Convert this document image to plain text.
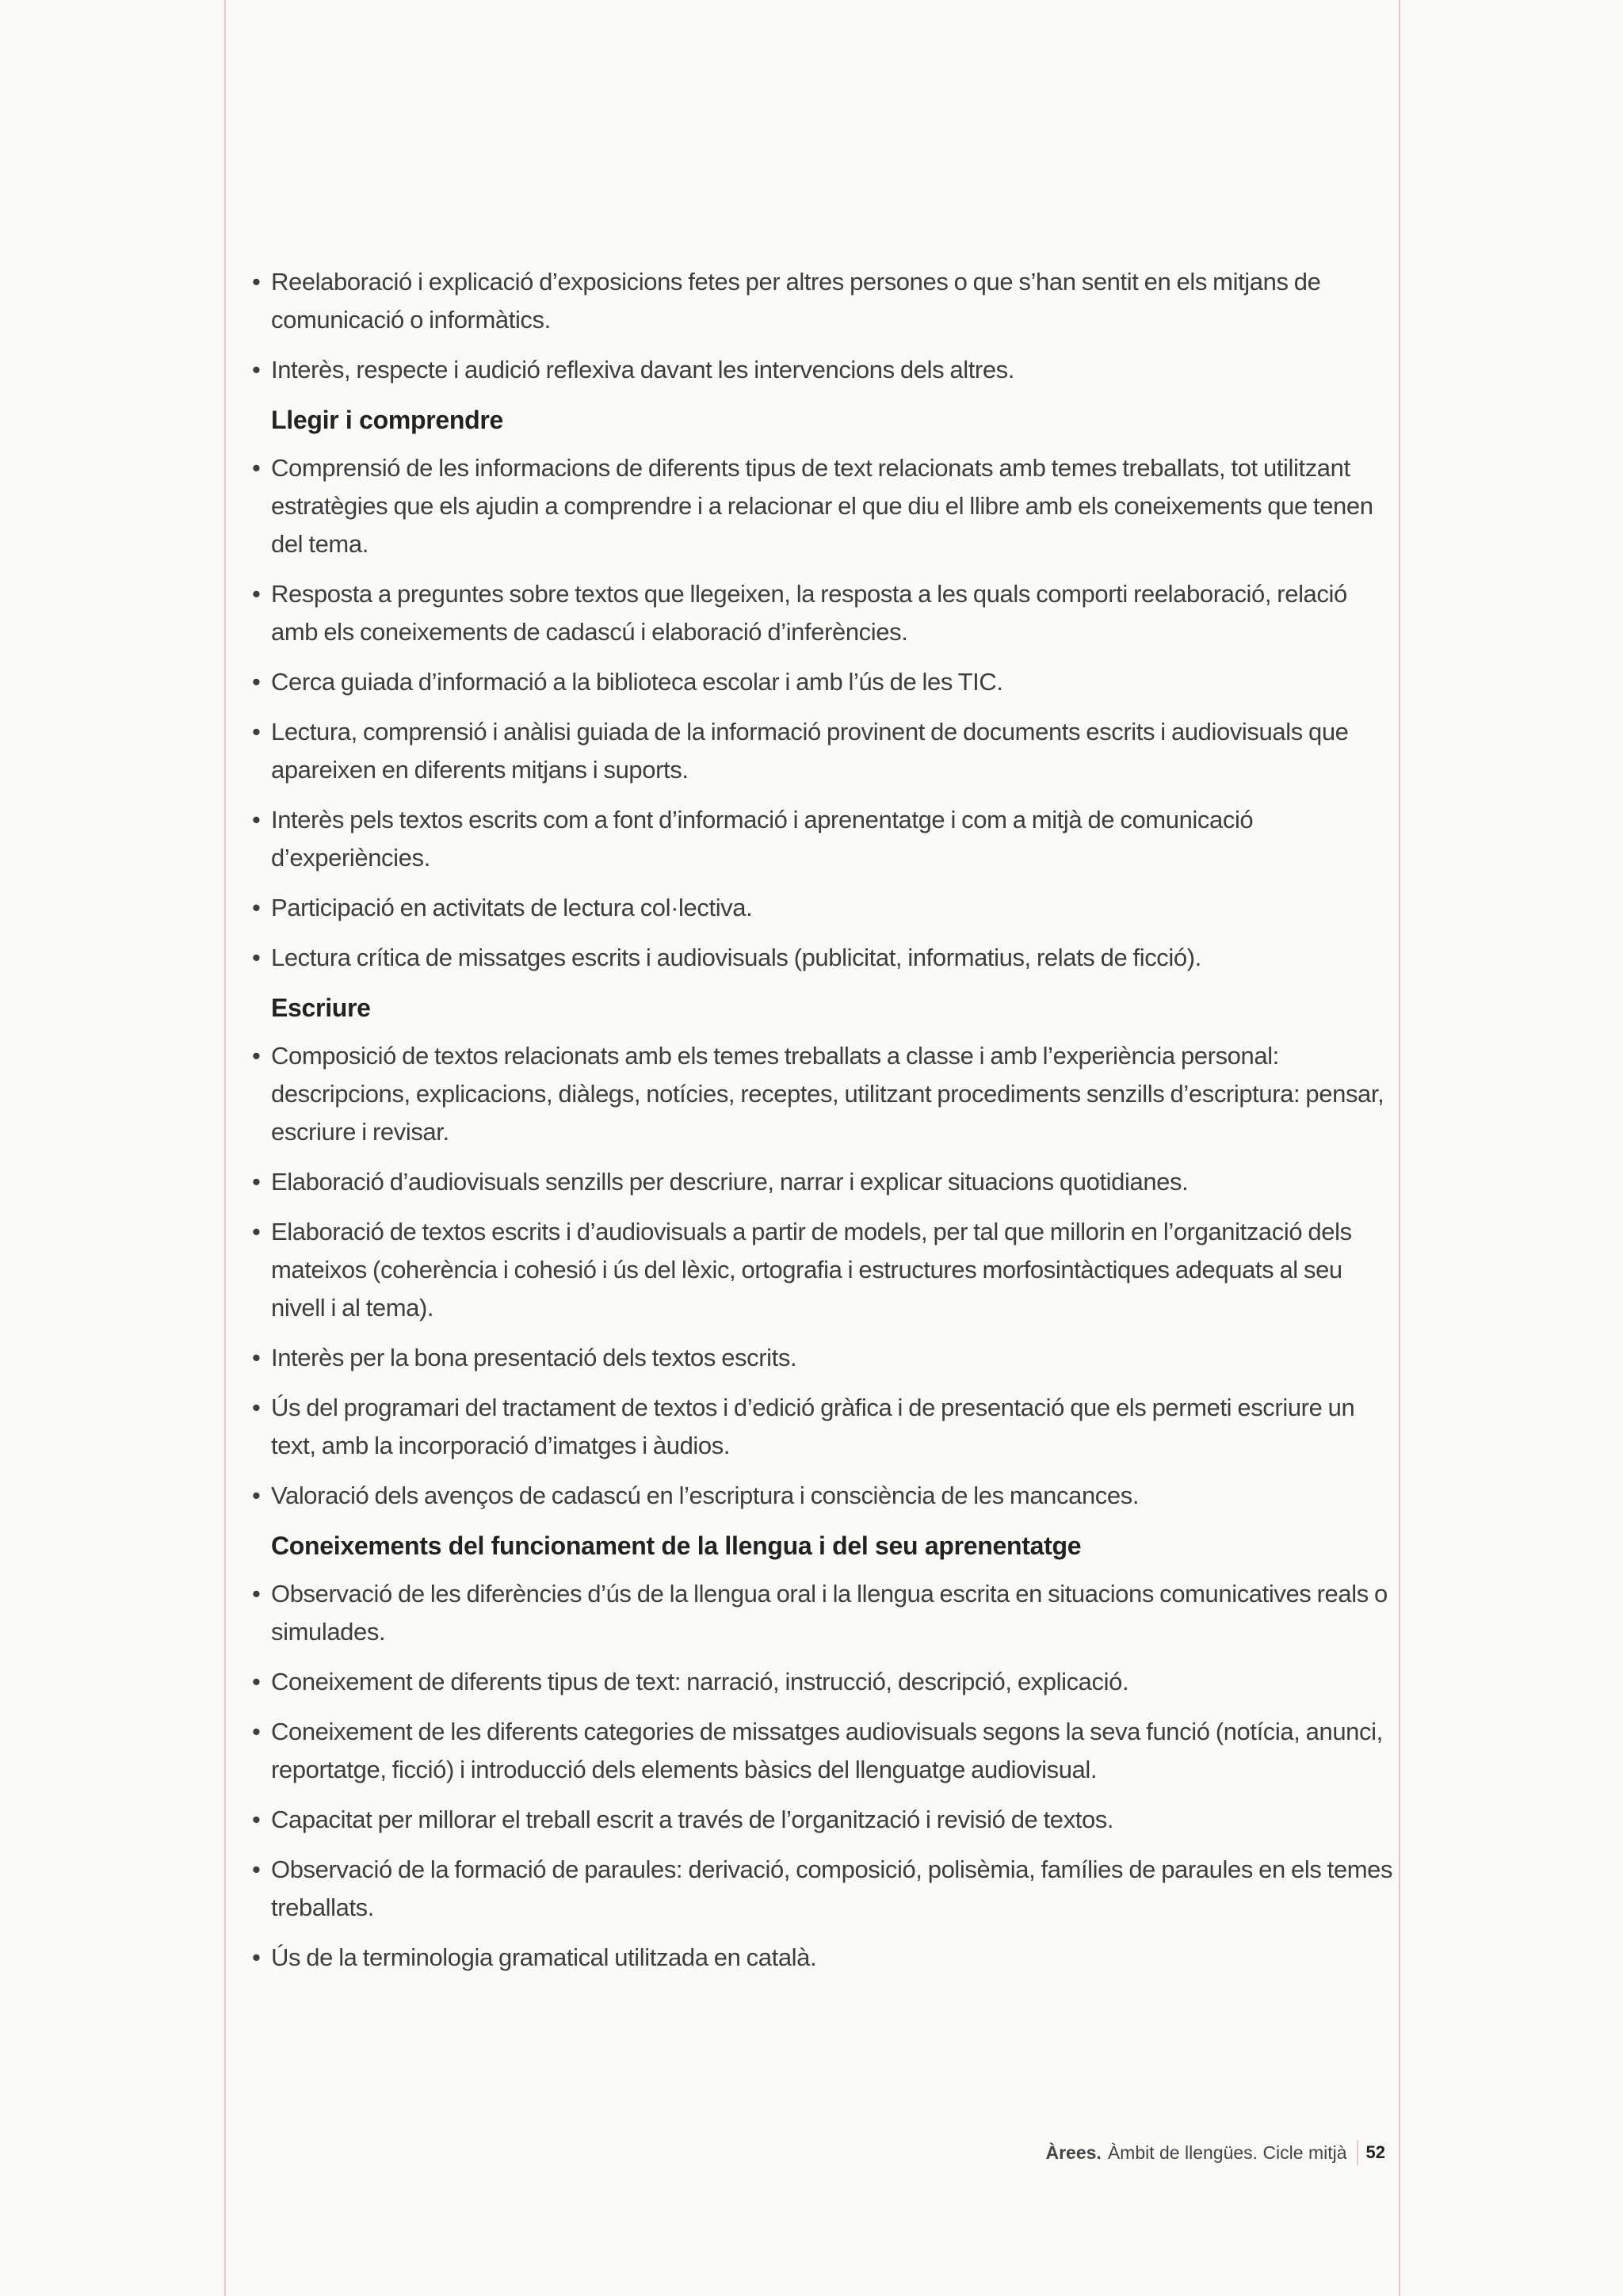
• Reelaboració i explicació d’exposicions fetes per altres persones o que s’han sentit en els mitjans de comunicació o informàtics.
• Interès, respecte i audició reflexiva davant les intervencions dels altres.
Llegir i comprendre
• Comprensió de les informacions de diferents tipus de text relacionats amb temes treballats, tot utilitzant estratègies que els ajudin a comprendre i a relacionar el que diu el llibre amb els coneixements que tenen del tema.
• Resposta a preguntes sobre textos que llegeixen, la resposta a les quals comporti reelaboració, relació amb els coneixements de cadascú i elaboració d’inferències.
• Cerca guiada d’informació a la biblioteca escolar i amb l’ús de les TIC.
• Lectura, comprensió i anàlisi guiada de la informació provinent de documents escrits i audiovisuals que apareixen en diferents mitjans i suports.
• Interès pels textos escrits com a font d’informació i aprenentatge i com a mitjà de comunicació d’experiències.
• Participació en activitats de lectura col·lectiva.
• Lectura crítica de missatges escrits i audiovisuals (publicitat, informatius, relats de ficció).
Escriure
• Composició de textos relacionats amb els temes treballats a classe i amb l’experiència personal: descripcions, explicacions, diàlegs, notícies, receptes, utilitzant procediments senzills d’escriptura: pensar, escriure i revisar.
• Elaboració d’audiovisuals senzills per descriure, narrar i explicar situacions quotidianes.
• Elaboració de textos escrits i d’audiovisuals a partir de models, per tal que millorin en l’organització dels mateixos (coherència i cohesió i ús del lèxic, ortografia i estructures morfosintàctiques adequats al seu nivell i al tema).
• Interès per la bona presentació dels textos escrits.
• Ús del programari del tractament de textos i d’edició gràfica i de presentació que els permeti escriure un text, amb la incorporació d’imatges i àudios.
• Valoració dels avenços de cadascú en l’escriptura i consciència de les mancances.
Coneixements del funcionament de la llengua i del seu aprenentatge
• Observació de les diferències d’ús de la llengua oral i la llengua escrita en situacions comunicatives reals o simulades.
• Coneixement de diferents tipus de text: narració, instrucció, descripció, explicació.
• Coneixement de les diferents categories de missatges audiovisuals segons la seva funció (notícia, anunci, reportatge, ficció) i introducció dels elements bàsics del llenguatge audiovisual.
• Capacitat per millorar el treball escrit a través de l’organització i revisió de textos.
• Observació de la formació de paraules: derivació, composició, polisèmia, famílies de paraules en els temes treballats.
• Ús de la terminologia gramatical utilitzada en català.
Àrees. Àmbit de llengües. Cicle mitjà 52
